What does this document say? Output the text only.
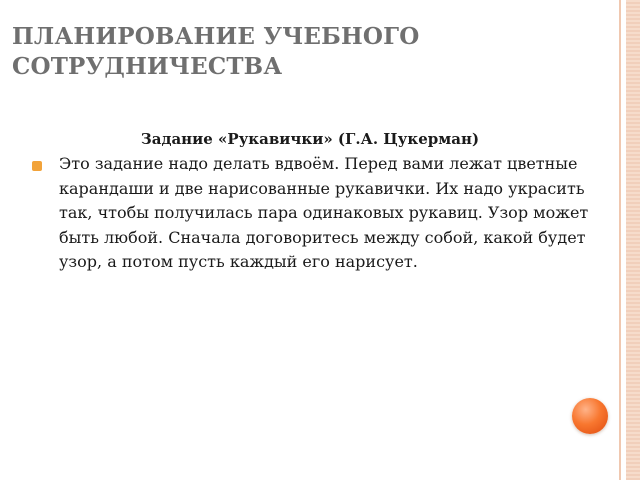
ПЛАНИРОВАНИЕ УЧЕБНОГО СОТРУДНИЧЕСТВА

Задание «Рукавички» (Г.А. Цукерман)

Это задание надо делать вдвоём. Перед вами лежат цветные карандаши и две нарисованные рукавички. Их надо украсить так, чтобы получилась пара одинаковых рукавиц. Узор может быть любой. Сначала договоритесь между собой, какой будет узор, а потом пусть каждый его нарисует.
